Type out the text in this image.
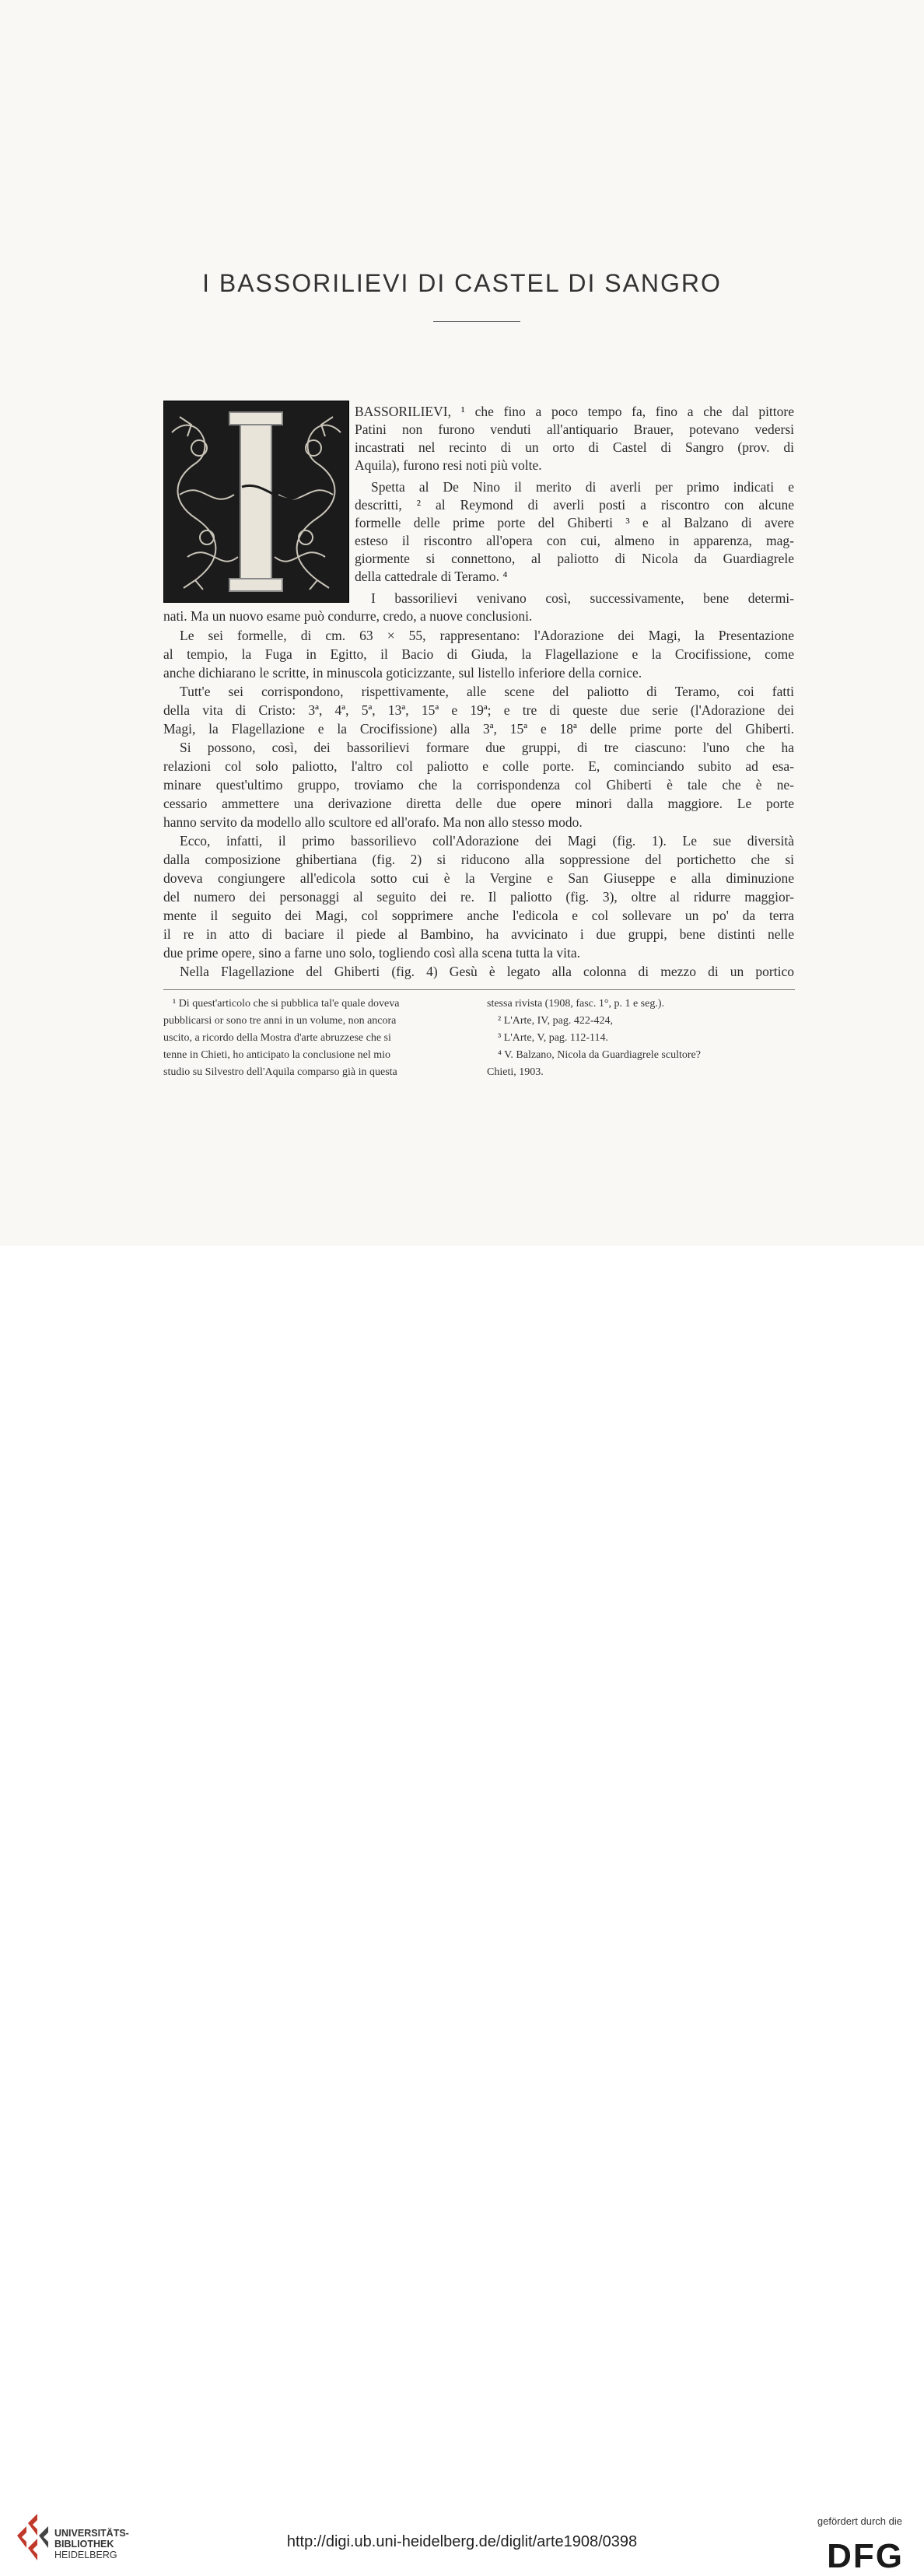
I BASSORILIEVI DI CASTEL DI SANGRO
BASSORILIEVI, ¹ che fino a poco tempo fa, fino a che dal pittore
Patini non furono venduti all'antiquario Brauer, potevano vedersi
incastrati nel recinto di un orto di Castel di Sangro (prov. di
Aquila), furono resi noti più volte.
Spetta al De Nino il merito di averli per primo indicati e
descritti, ² al Reymond di averli posti a riscontro con alcune
formelle delle prime porte del Ghiberti ³ e al Balzano di avere
esteso il riscontro all'opera con cui, almeno in apparenza, mag-
giormente si connettono, al paliotto di Nicola da Guardiagrele
della cattedrale di Teramo. ⁴
I bassorilievi venivano così, successivamente, bene determi-
nati. Ma un nuovo esame può condurre, credo, a nuove conclusioni.
Le sei formelle, di cm. 63 × 55, rappresentano: l'Adorazione dei Magi, la Presentazione
al tempio, la Fuga in Egitto, il Bacio di Giuda, la Flagellazione e la Crocifissione, come
anche dichiarano le scritte, in minuscola goticizzante, sul listello inferiore della cornice.
Tutt'e sei corrispondono, rispettivamente, alle scene del paliotto di Teramo, coi fatti
della vita di Cristo: 3ª, 4ª, 5ª, 13ª, 15ª e 19ª; e tre di queste due serie (l'Adorazione dei
Magi, la Flagellazione e la Crocifissione) alla 3ª, 15ª e 18ª delle prime porte del Ghiberti.
Si possono, così, dei bassorilievi formare due gruppi, di tre ciascuno: l'uno che ha
relazioni col solo paliotto, l'altro col paliotto e colle porte. E, cominciando subito ad esa-
minare quest'ultimo gruppo, troviamo che la corrispondenza col Ghiberti è tale che è ne-
cessario ammettere una derivazione diretta delle due opere minori dalla maggiore. Le porte
hanno servito da modello allo scultore ed all'orafo. Ma non allo stesso modo.
Ecco, infatti, il primo bassorilievo coll'Adorazione dei Magi (fig. 1). Le sue diversità
dalla composizione ghibertiana (fig. 2) si riducono alla soppressione del portichetto che si
doveva congiungere all'edicola sotto cui è la Vergine e San Giuseppe e alla diminuzione
del numero dei personaggi al seguito dei re. Il paliotto (fig. 3), oltre al ridurre maggior-
mente il seguito dei Magi, col sopprimere anche l'edicola e col sollevare un po' da terra
il re in atto di baciare il piede al Bambino, ha avvicinato i due gruppi, bene distinti nelle
due prime opere, sino a farne uno solo, togliendo così alla scena tutta la vita.
Nella Flagellazione del Ghiberti (fig. 4) Gesù è legato alla colonna di mezzo di un portico
¹ Di quest'articolo che si pubblica tal'e quale doveva
pubblicarsi or sono tre anni in un volume, non ancora
uscito, a ricordo della Mostra d'arte abruzzese che si
tenne in Chieti, ho anticipato la conclusione nel mio
studio su Silvestro dell'Aquila comparso già in questa
stessa rivista (1908, fasc. 1°, p. 1 e seg.).
² L'Arte, IV, pag. 422-424,
³ L'Arte, V, pag. 112-114.
⁴ V. Balzano, Nicola da Guardiagrele scultore?
Chieti, 1903.
UNIVERSITÄTS-
BIBLIOTHEK
HEIDELBERG
http://digi.ub.uni-heidelberg.de/diglit/arte1908/0398
gefördert durch die
DFG
